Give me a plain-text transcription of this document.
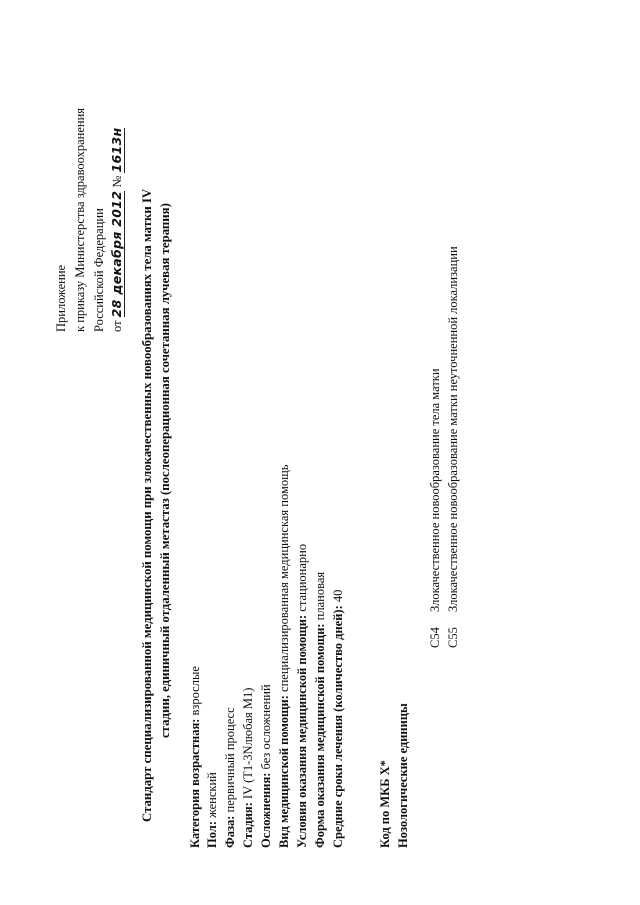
Приложение к приказу Министерства здравоохранения Российской Федерации от 28 декабря 2012 № 1613н
Стандарт специализированной медицинской помощи при злокачественных новообразованиях тела матки IV стадии, единичный отдаленный метастаз (послеоперационная сочетанная лучевая терапия)
Категория возрастная: взрослые
Пол: женский
Фаза: первичный процесс
Стадия: IV (T1-3Nлюбая M1)
Осложнения: без осложнений Вид медицинской помощи: специализированная медицинская помощь
Условия оказания медицинской помощи: стационарно
Форма оказания медицинской помощи: плановая
Средние сроки лечения (количество дней): 40
Код по МКБ X* Нозологические единицы
C54
Злокачественное новообразование тела матки
C55
Злокачественное новообразование матки неуточненной локализации
